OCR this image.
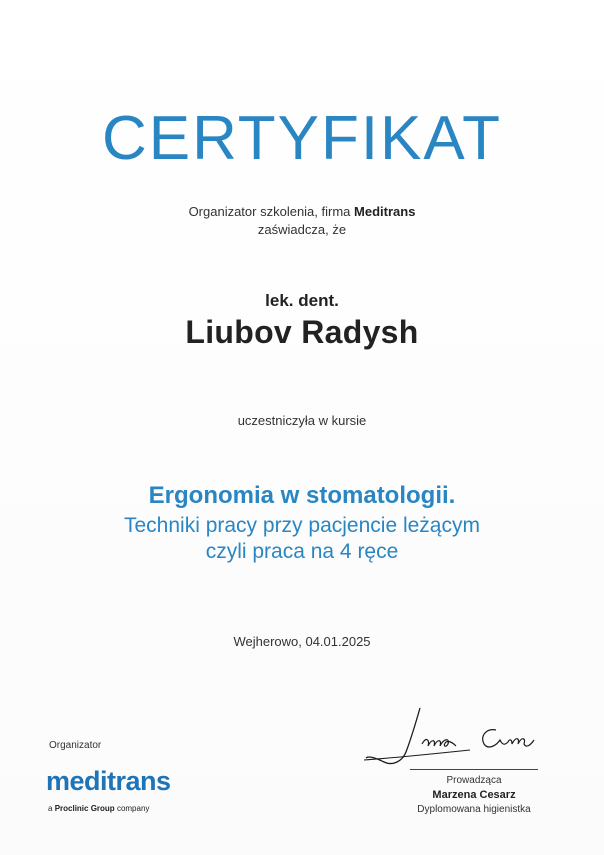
CERTYFIKAT
Organizator szkolenia, firma Meditrans
zaświadcza, że
lek. dent.
Liubov Radysh
uczestniczyła w kursie
Ergonomia w stomatologii.
Techniki pracy przy pacjencie leżącym
czyli praca na 4 ręce
Wejherowo, 04.01.2025
Organizator
meditrans
a Proclinic Group company
Prowadząca
Marzena Cesarz
Dyplomowana higienistka
